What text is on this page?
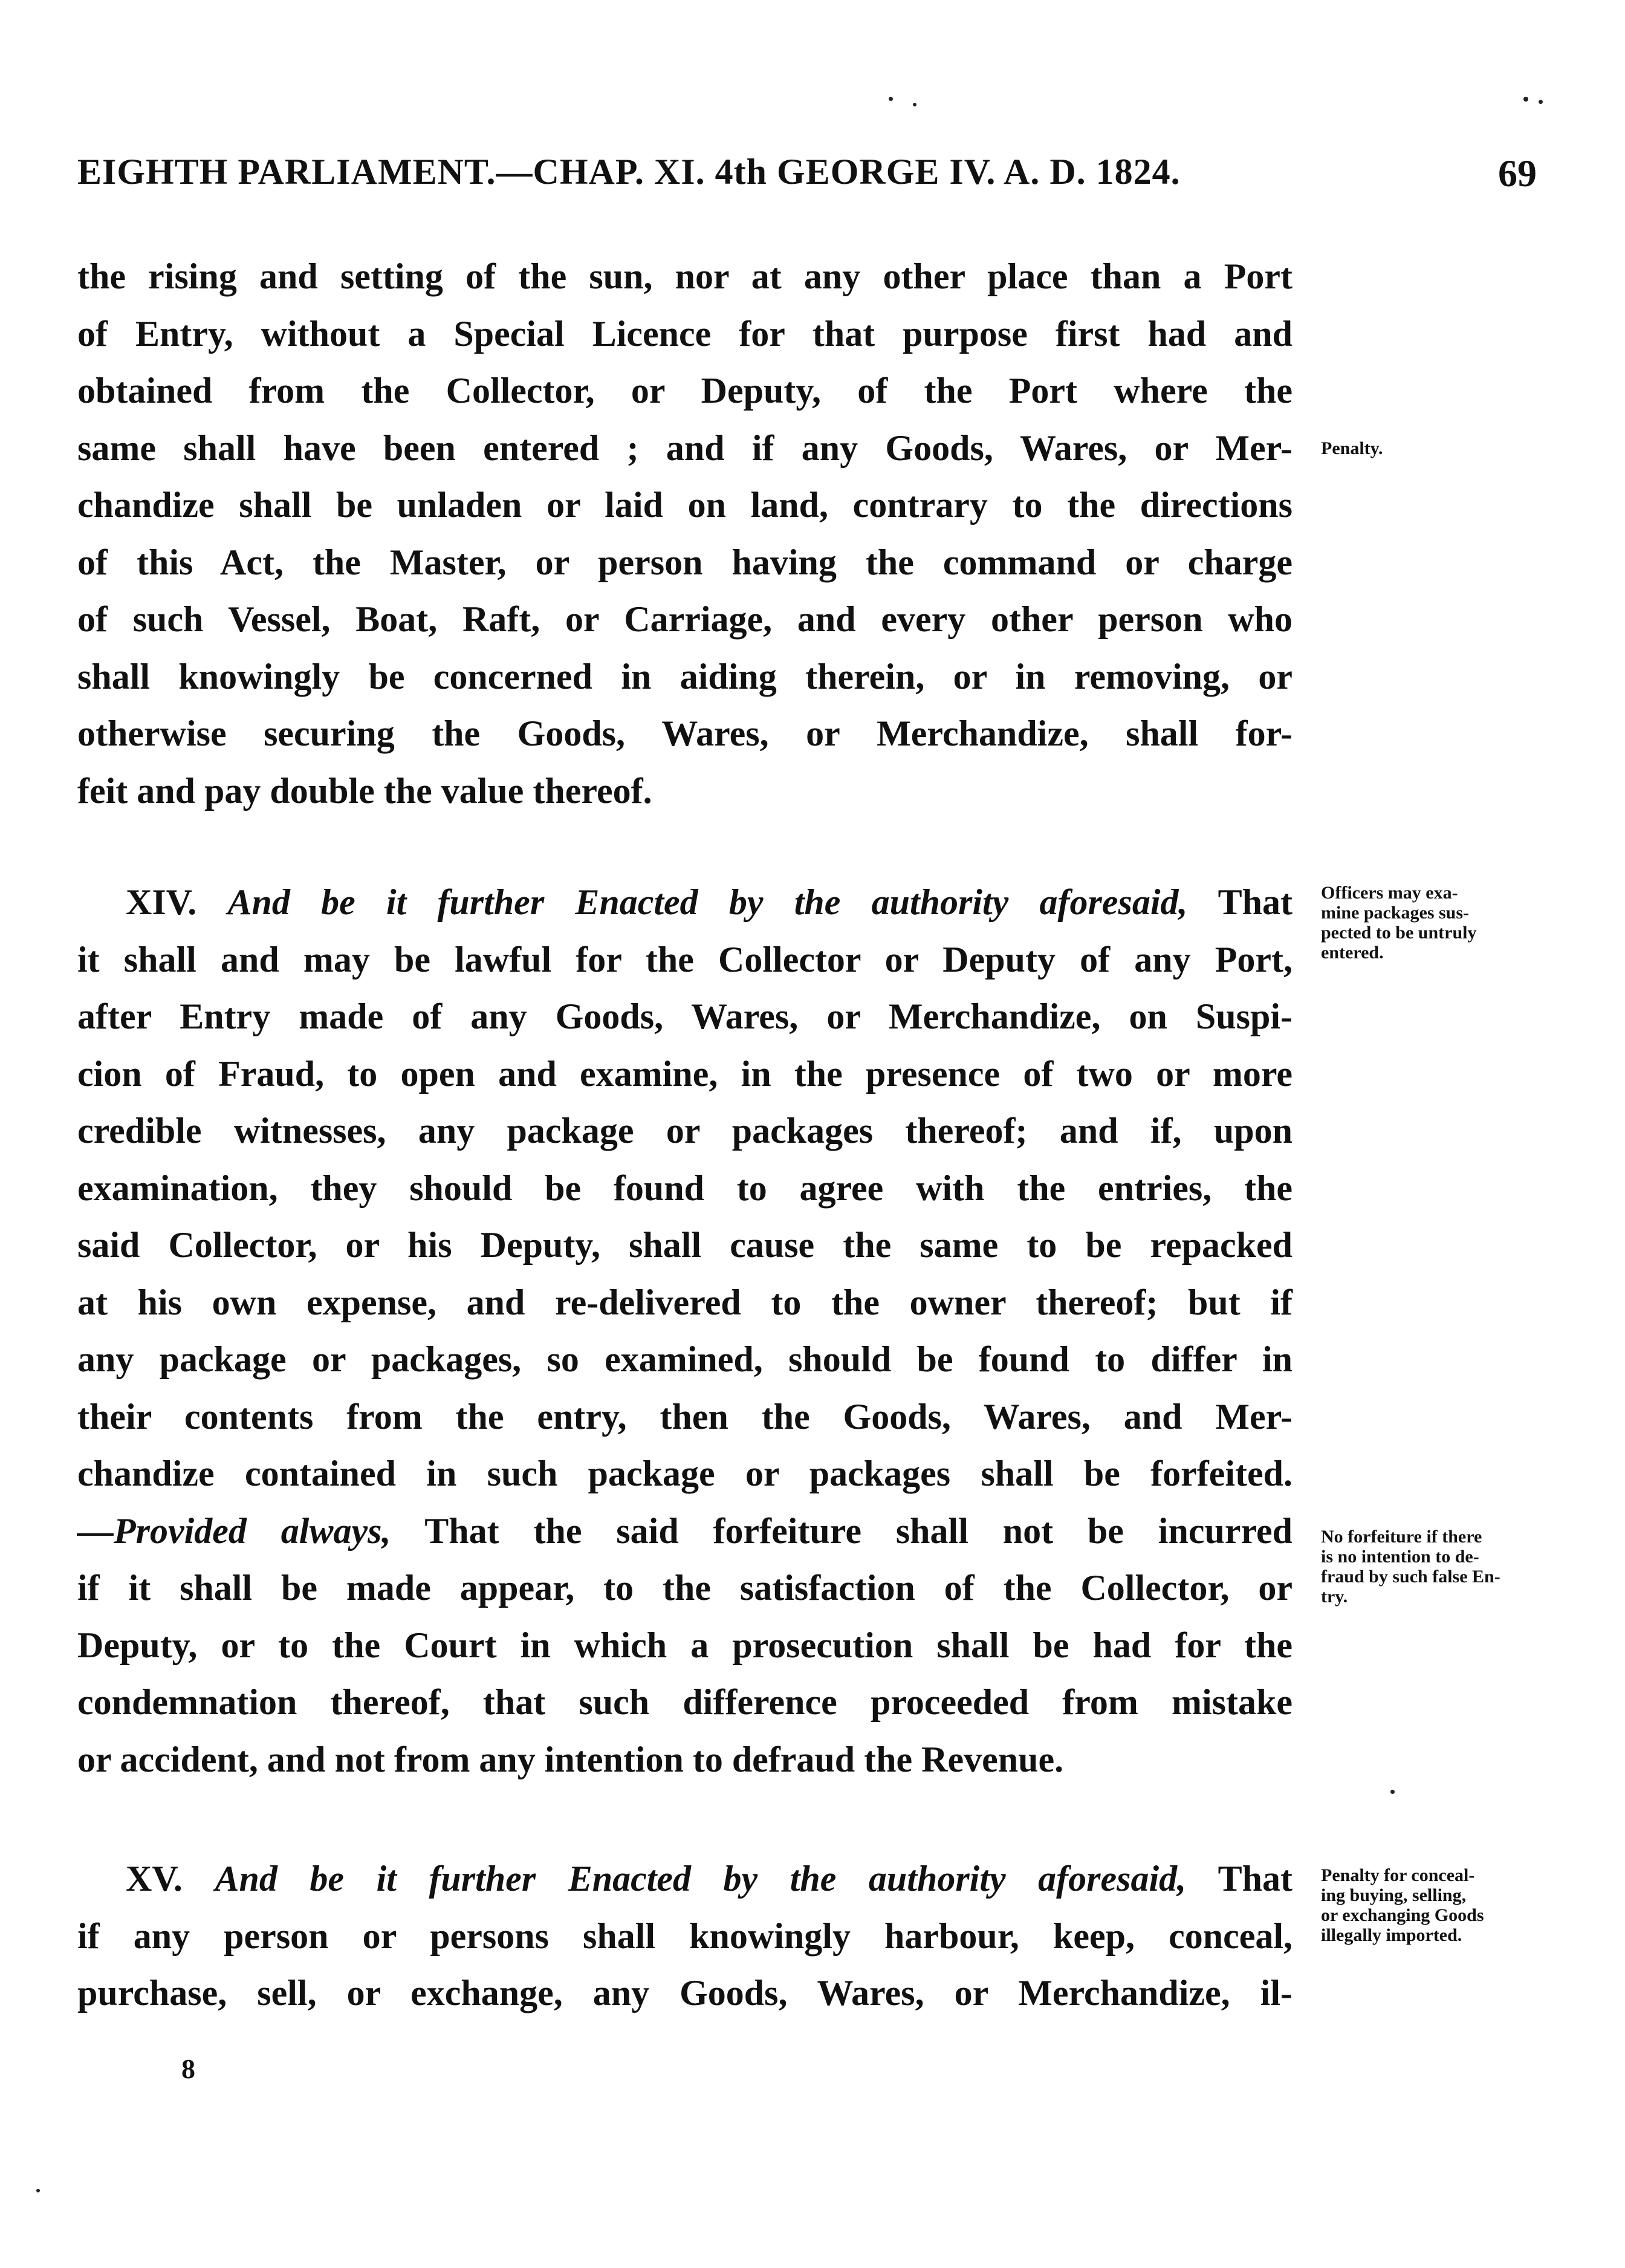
EIGHTH PARLIAMENT.—CHAP. XI. 4th GEORGE IV. A. D. 1824.	69
the rising and setting of the sun, nor at any other place than a Port
of Entry, without a Special Licence for that purpose first had and
obtained from the Collector, or Deputy, of the Port where the
same shall have been entered ; and if any Goods, Wares, or Mer-
chandize shall be unladen or laid on land, contrary to the directions
of this Act, the Master, or person having the command or charge
of such Vessel, Boat, Raft, or Carriage, and every other person who
shall knowingly be concerned in aiding therein, or in removing, or
otherwise securing the Goods, Wares, or Merchandize, shall for-
feit and pay double the value thereof.
XIV. And be it further Enacted by the authority aforesaid, That
it shall and may be lawful for the Collector or Deputy of any Port,
after Entry made of any Goods, Wares, or Merchandize, on Suspi-
cion of Fraud, to open and examine, in the presence of two or more
credible witnesses, any package or packages thereof; and if, upon
examination, they should be found to agree with the entries, the
said Collector, or his Deputy, shall cause the same to be repacked
at his own expense, and re-delivered to the owner thereof; but if
any package or packages, so examined, should be found to differ in
their contents from the entry, then the Goods, Wares, and Mer-
chandize contained in such package or packages shall be forfeited.
—Provided always, That the said forfeiture shall not be incurred
if it shall be made appear, to the satisfaction of the Collector, or
Deputy, or to the Court in which a prosecution shall be had for the
condemnation thereof, that such difference proceeded from mistake
or accident, and not from any intention to defraud the Revenue.
XV. And be it further Enacted by the authority aforesaid, That
if any person or persons shall knowingly harbour, keep, conceal,
purchase, sell, or exchange, any Goods, Wares, or Merchandize, il-
Penalty.
Officers may exa-
mine packages sus-
pected to be untruly
entered.
No forfeiture if there
is no intention to de-
fraud by such false En-
try.
Penalty for conceal-
ing buying, selling,
or exchanging Goods
illegally imported.
8
